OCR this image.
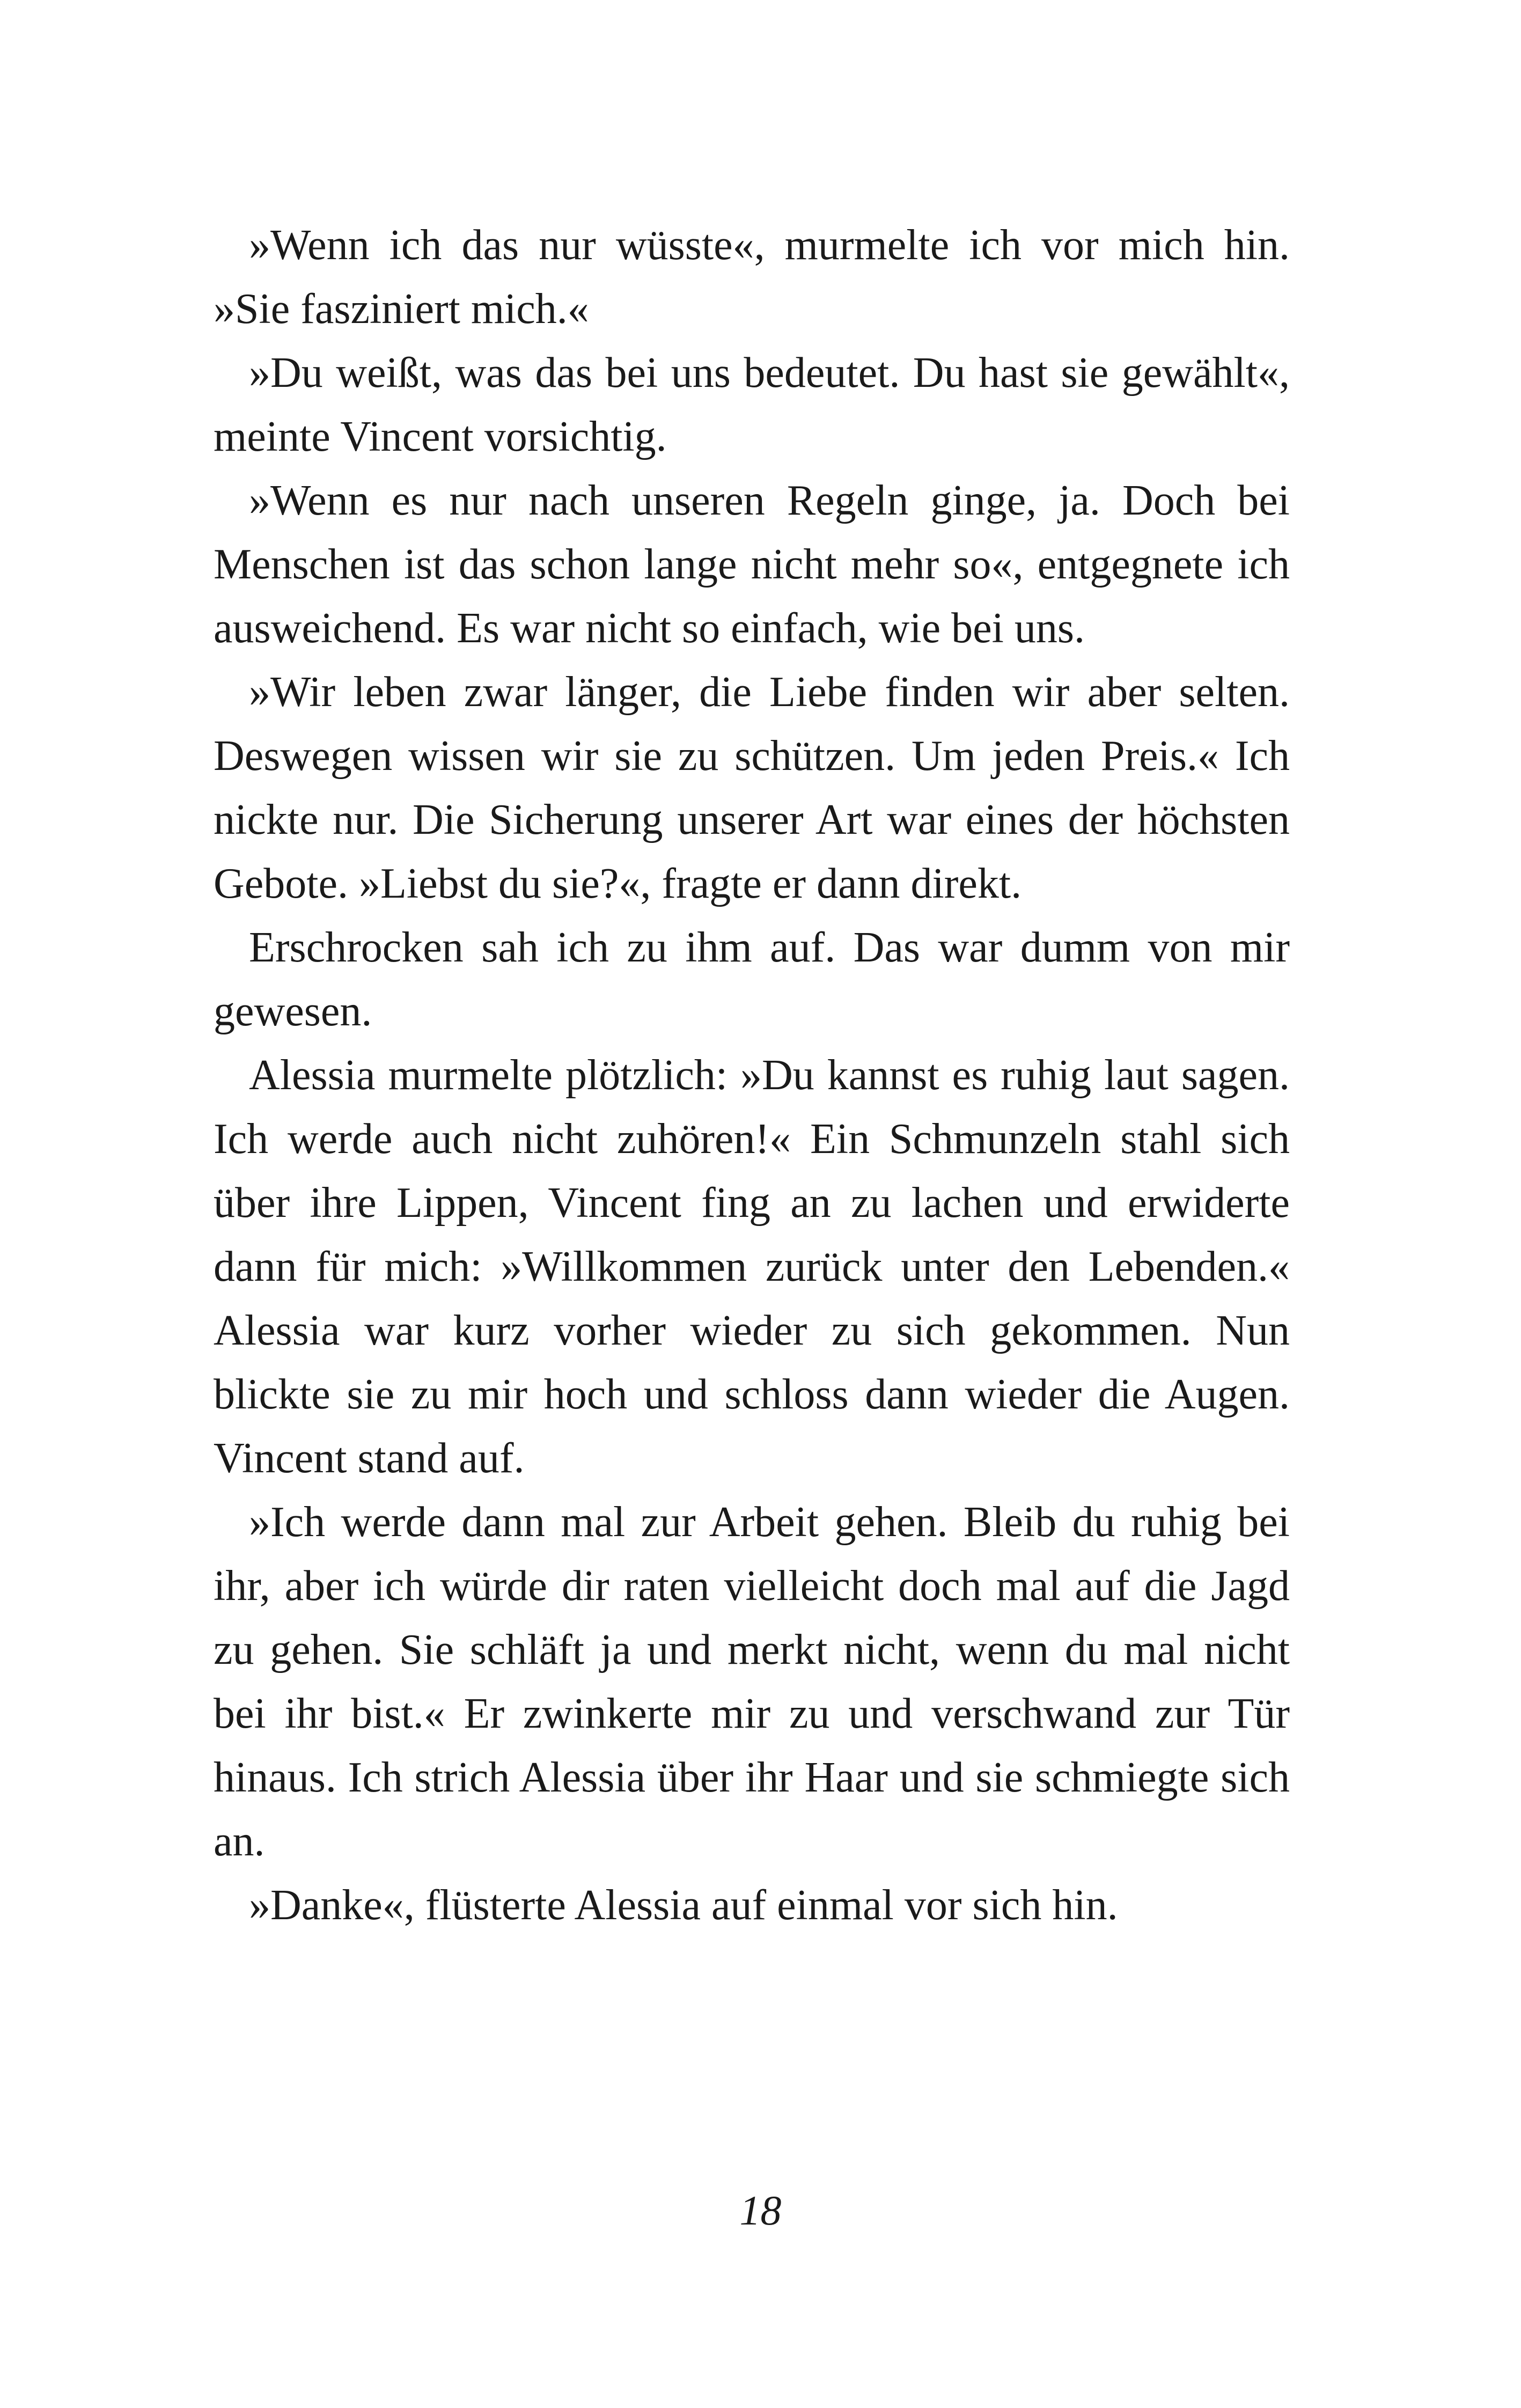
»Wenn ich das nur wüsste«, murmelte ich vor mich hin. »Sie fasziniert mich.«

»Du weißt, was das bei uns bedeutet. Du hast sie gewählt«, meinte Vincent vorsichtig.

»Wenn es nur nach unseren Regeln ginge, ja. Doch bei Menschen ist das schon lange nicht mehr so«, entgegnete ich ausweichend. Es war nicht so einfach, wie bei uns.

»Wir leben zwar länger, die Liebe finden wir aber selten. Deswegen wissen wir sie zu schützen. Um jeden Preis.« Ich nickte nur. Die Sicherung unserer Art war eines der höchsten Gebote. »Liebst du sie?«, fragte er dann direkt.

Erschrocken sah ich zu ihm auf. Das war dumm von mir gewesen.

Alessia murmelte plötzlich: »Du kannst es ruhig laut sagen. Ich werde auch nicht zuhören!« Ein Schmunzeln stahl sich über ihre Lippen, Vincent fing an zu lachen und erwiderte dann für mich: »Willkommen zurück unter den Lebenden.« Alessia war kurz vorher wieder zu sich gekommen. Nun blickte sie zu mir hoch und schloss dann wieder die Augen. Vincent stand auf.

»Ich werde dann mal zur Arbeit gehen. Bleib du ruhig bei ihr, aber ich würde dir raten vielleicht doch mal auf die Jagd zu gehen. Sie schläft ja und merkt nicht, wenn du mal nicht bei ihr bist.« Er zwinkerte mir zu und verschwand zur Tür hinaus. Ich strich Alessia über ihr Haar und sie schmiegte sich an.

»Danke«, flüsterte Alessia auf einmal vor sich hin.

18
